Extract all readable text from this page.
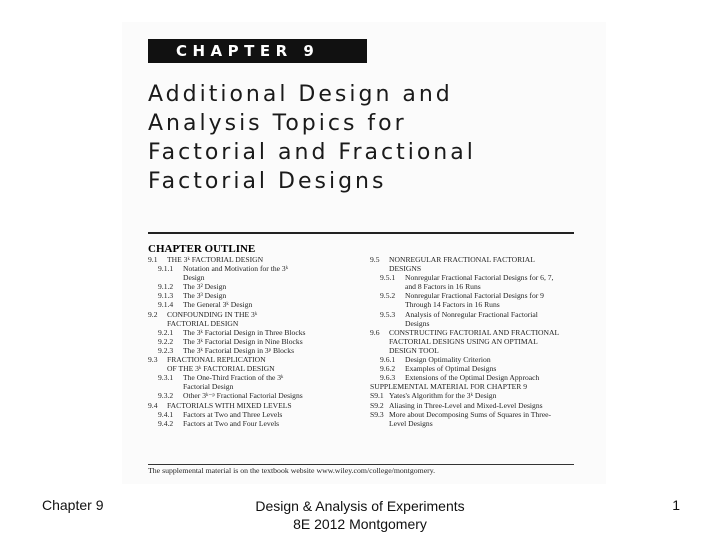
CHAPTER 9
Additional Design and
Analysis Topics for
Factorial and Fractional
Factorial Designs
CHAPTER OUTLINE
9.1	THE 3ᵏ FACTORIAL DESIGN
9.1.1	Notation and Motivation for the 3ᵏ
Design
9.1.2	The 3² Design
9.1.3	The 3³ Design
9.1.4	The General 3ᵏ Design
9.2	CONFOUNDING IN THE 3ᵏ
FACTORIAL DESIGN
9.2.1	The 3ᵏ Factorial Design in Three Blocks
9.2.2	The 3ᵏ Factorial Design in Nine Blocks
9.2.3	The 3ᵏ Factorial Design in 3ᵖ Blocks
9.3	FRACTIONAL REPLICATION
OF THE 3ᵏ FACTORIAL DESIGN
9.3.1	The One-Third Fraction of the 3ᵏ
Factorial Design
9.3.2	Other 3ᵏ⁻ᵖ Fractional Factorial Designs
9.4	FACTORIALS WITH MIXED LEVELS
9.4.1	Factors at Two and Three Levels
9.4.2	Factors at Two and Four Levels
9.5	NONREGULAR FRACTIONAL FACTORIAL
DESIGNS
9.5.1	Nonregular Fractional Factorial Designs for 6, 7,
and 8 Factors in 16 Runs
9.5.2	Nonregular Fractional Factorial Designs for 9
Through 14 Factors in 16 Runs
9.5.3	Analysis of Nonregular Fractional Factorial
Designs
9.6	CONSTRUCTING FACTORIAL AND FRACTIONAL
FACTORIAL DESIGNS USING AN OPTIMAL
DESIGN TOOL
9.6.1	Design Optimality Criterion
9.6.2	Examples of Optimal Designs
9.6.3	Extensions of the Optimal Design Approach
SUPPLEMENTAL MATERIAL FOR CHAPTER 9
S9.1 Yates's Algorithm for the 3ᵏ Design
S9.2 Aliasing in Three-Level and Mixed-Level Designs
S9.3 More about Decomposing Sums of Squares in Three-
Level Designs
The supplemental material is on the textbook website www.wiley.com/college/montgomery.
Chapter 9	Design & Analysis of Experiments
8E 2012 Montgomery
1
